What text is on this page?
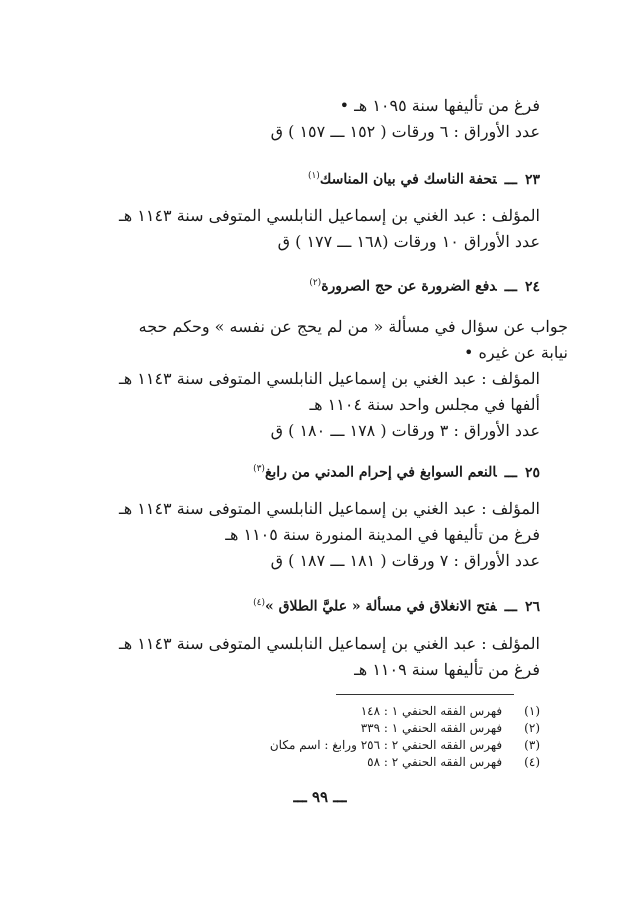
فرغ من تأليفها سنة ١٠٩٥ هـ •
عدد الأوراق : ٦ ورقات ( ١٥٢ ـــ ١٥٧ ) ق
٢٣ـــتحفة الناسك في بيان المناسك$^{(١)}$
المؤلف : عبد الغني بن إسماعيل النابلسي المتوفى سنة ١١٤٣ هـ
عدد الأوراق ١٠ ورقات (١٦٨ ـــ ١٧٧ ) ق
٢٤ـــدفع الضرورة عن حج الصرورة$^{(٢)}$
جواب عن سؤال في مسألة « من لم يحج عن نفسه » وحكم حجه
نيابة عن غيره •
المؤلف : عبد الغني بن إسماعيل النابلسي المتوفى سنة ١١٤٣ هـ
ألفها في مجلس واحد سنة ١١٠٤ هـ
عدد الأوراق : ٣ ورقات ( ١٧٨ ـــ ١٨٠ ) ق
٢٥ـــالنعم السوابغ في إحرام المدني من رابغ$^{(٣)}$
المؤلف : عبد الغني بن إسماعيل النابلسي المتوفى سنة ١١٤٣ هـ
فرغ من تأليفها في المدينة المنورة سنة ١١٠٥ هـ
عدد الأوراق : ٧ ورقات ( ١٨١ ـــ ١٨٧ ) ق
٢٦ـــفتح الانغلاق في مسألة « عليَّ الطلاق »$^{(٤)}$
المؤلف : عبد الغني بن إسماعيل النابلسي المتوفى سنة ١١٤٣ هـ
فرغ من تأليفها سنة ١١٠٩ هـ
(١) فهرس الفقه الحنفي ١ : ١٤٨
(٢) فهرس الفقه الحنفي ١ : ٣٣٩
(٣) فهرس الفقه الحنفي ٢ : ٢٥٦ ورابغ : اسم مكان
(٤) فهرس الفقه الحنفي ٢ : ٥٨
ـــ ٩٩ ـــ
